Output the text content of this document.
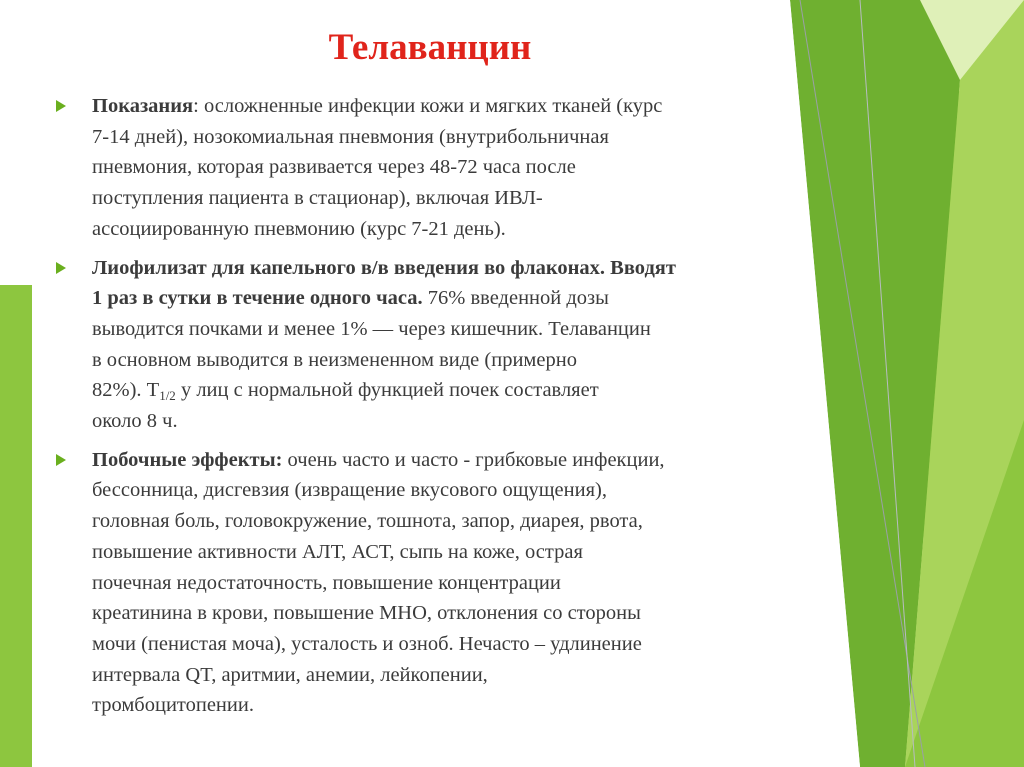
Телаванцин
Показания: осложненные инфекции кожи и мягких тканей (курс
7-14 дней), нозокомиальная пневмония (внутрибольничная
пневмония, которая развивается через 48-72 часа после
поступления пациента в стационар), включая ИВЛ-
ассоциированную пневмонию (курс 7-21 день).
Лиофилизат для капельного в/в введения во флаконах. Вводят
1 раз в сутки в течение одного часа. 76% введенной дозы
выводится почками и менее 1% — через кишечник. Телаванцин
в основном выводится в неизмененном виде (примерно
82%). $Т_{1/2}$ у лиц с нормальной функцией почек составляет
около 8 ч.
Побочные эффекты: очень часто и часто - грибковые инфекции,
бессонница, дисгевзия (извращение вкусового ощущения),
головная боль, головокружение, тошнота, запор, диарея, рвота,
повышение активности АЛТ, АСТ, сыпь на коже, острая
почечная недостаточность, повышение концентрации
креатинина в крови, повышение МНО, отклонения со стороны
мочи (пенистая моча), усталость и озноб. Нечасто – удлинение
интервала QT, аритмии, анемии, лейкопении,
тромбоцитопении.
